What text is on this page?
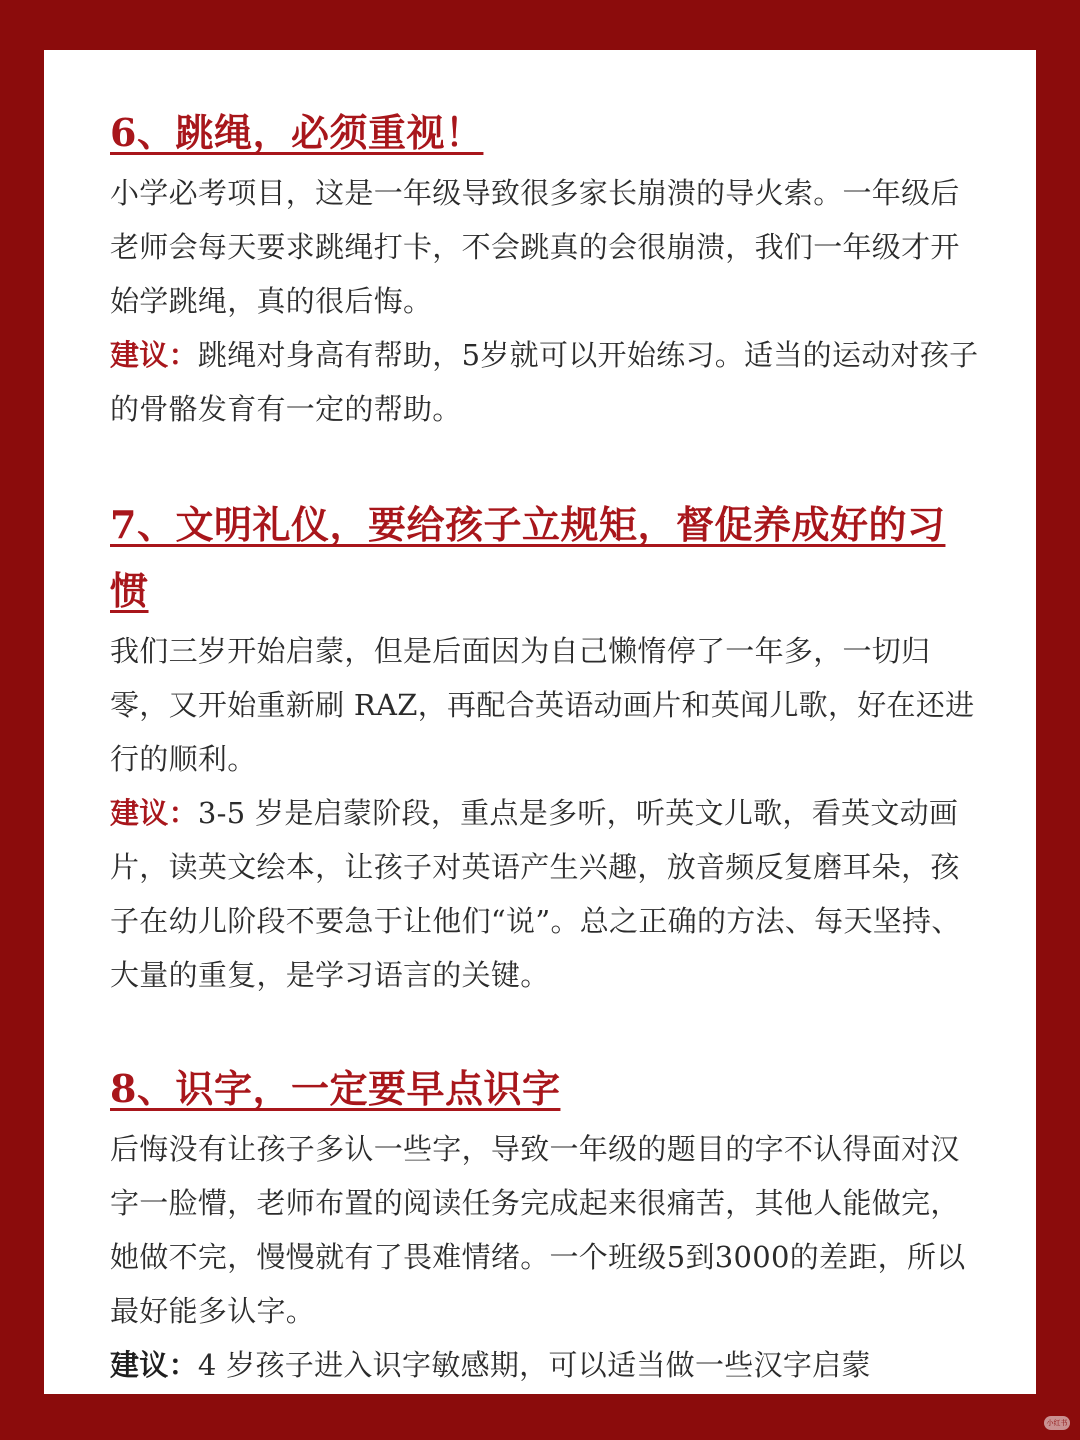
6、跳绳，必须重视！

小学必考项目，这是一年级导致很多家长崩溃的导火索。一年级后老师会每天要求跳绳打卡，不会跳真的会很崩溃，我们一年级才开始学跳绳，真的很后悔。

建议：跳绳对身高有帮助，5岁就可以开始练习。适当的运动对孩子的骨骼发育有一定的帮助。

7、文明礼仪，要给孩子立规矩，督促养成好的习惯

我们三岁开始启蒙，但是后面因为自己懒惰停了一年多，一切归零，又开始重新刷 RAZ，再配合英语动画片和英闻儿歌，好在还进行的顺利。

建议：3-5 岁是启蒙阶段，重点是多听，听英文儿歌，看英文动画片，读英文绘本，让孩子对英语产生兴趣，放音频反复磨耳朵，孩子在幼儿阶段不要急于让他们“说”。总之正确的方法、每天坚持、大量的重复，是学习语言的关键。

8、识字，一定要早点识字

后悔没有让孩子多认一些字，导致一年级的题目的字不认得面对汉字一脸懵，老师布置的阅读任务完成起来很痛苦，其他人能做完，她做不完，慢慢就有了畏难情绪。一个班级5到3000的差距，所以最好能多认字。

建议：4 岁孩子进入识字敏感期，可以适当做一些汉字启蒙

小红书
